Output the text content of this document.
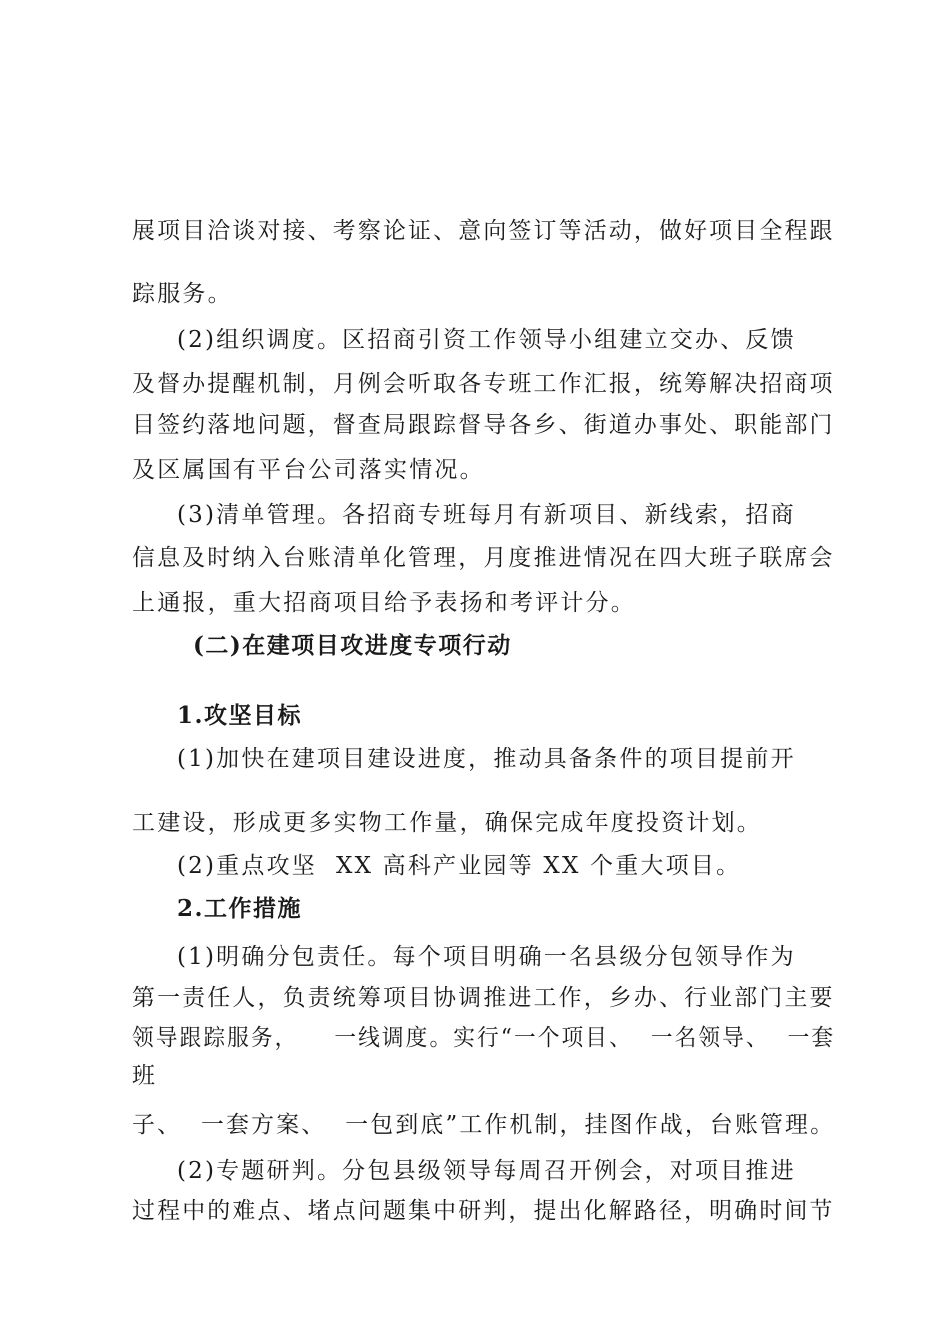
展项目洽谈对接、考察论证、意向签订等活动，做好项目全程跟
踪服务。
(2)组织调度。区招商引资工作领导小组建立交办、反馈
及督办提醒机制，月例会听取各专班工作汇报，统筹解决招商项
目签约落地问题，督查局跟踪督导各乡、街道办事处、职能部门
及区属国有平台公司落实情况。
(3)清单管理。各招商专班每月有新项目、新线索，招商
信息及时纳入台账清单化管理，月度推进情况在四大班子联席会
上通报，重大招商项目给予表扬和考评计分。
(二)在建项目攻进度专项行动
1.攻坚目标
(1)加快在建项目建设进度，推动具备条件的项目提前开
工建设，形成更多实物工作量，确保完成年度投资计划。
(2)重点攻坚  XX 高科产业园等 XX 个重大项目。
2.工作措施
(1)明确分包责任。每个项目明确一名县级分包领导作为
第一责任人，负责统筹项目协调推进工作，乡办、行业部门主要
领导跟踪服务，    一线调度。实行“一个项目、  一名领导、  一套
班
子、  一套方案、  一包到底”工作机制，挂图作战，台账管理。
(2)专题研判。分包县级领导每周召开例会，对项目推进
过程中的难点、堵点问题集中研判，提出化解路径，明确时间节
